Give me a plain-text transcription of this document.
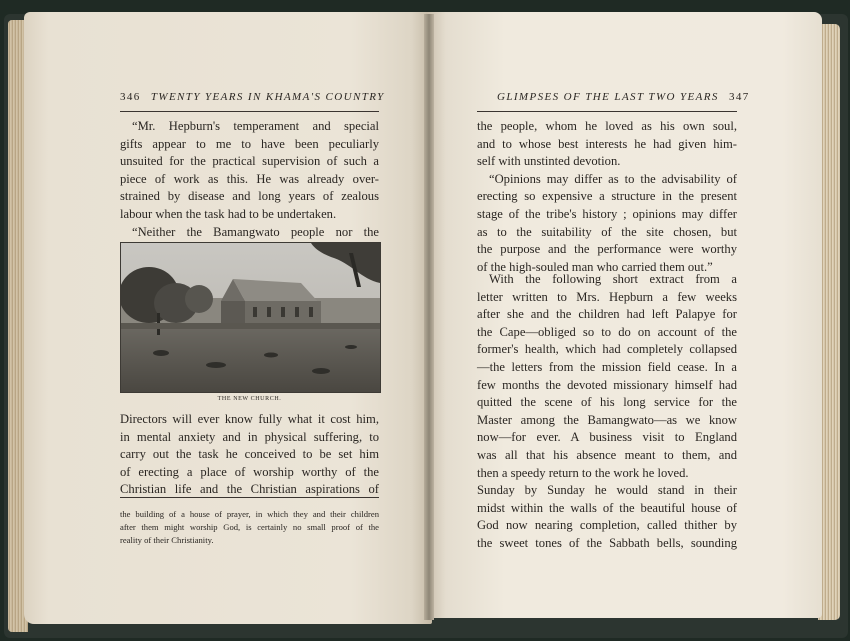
346 TWENTY YEARS IN KHAMA'S COUNTRY
“Mr. Hepburn's temperament and special
gifts appear to me to have been peculiarly
unsuited for the practical supervision of such a
piece of work as this. He was already over-
strained by disease and long years of zealous
labour when the task had to be undertaken.
“Neither the Bamangwato people nor the
THE NEW CHURCH.
Directors will ever know fully what it cost him,
in mental anxiety and in physical suffering, to
carry out the task he conceived to be set him
of erecting a place of worship worthy of the
Christian life and the Christian aspirations of
the building of a house of prayer, in which they and their children
after them might worship God, is certainly no small proof of the
reality of their Christianity.
GLIMPSES OF THE LAST TWO YEARS 347
the people, whom he loved as his own soul,
and to whose best interests he had given him-
self with unstinted devotion.
“Opinions may differ as to the advisability of
erecting so expensive a structure in the present
stage of the tribe's history ; opinions may differ
as to the suitability of the site chosen, but
the purpose and the performance were worthy
of the high-souled man who carried them out.”
With the following short extract from a
letter written to Mrs. Hepburn a few weeks
after she and the children had left Palapye for
the Cape—obliged so to do on account of the
former's health, which had completely collapsed
—the letters from the mission field cease. In a
few months the devoted missionary himself had
quitted the scene of his long service for the
Master among the Bamangwato—as we know
now—for ever. A business visit to England
was all that his absence meant to them, and
then a speedy return to the work he loved.
Sunday by Sunday he would stand in their
midst within the walls of the beautiful house of
God now nearing completion, called thither by
the sweet tones of the Sabbath bells, sounding
